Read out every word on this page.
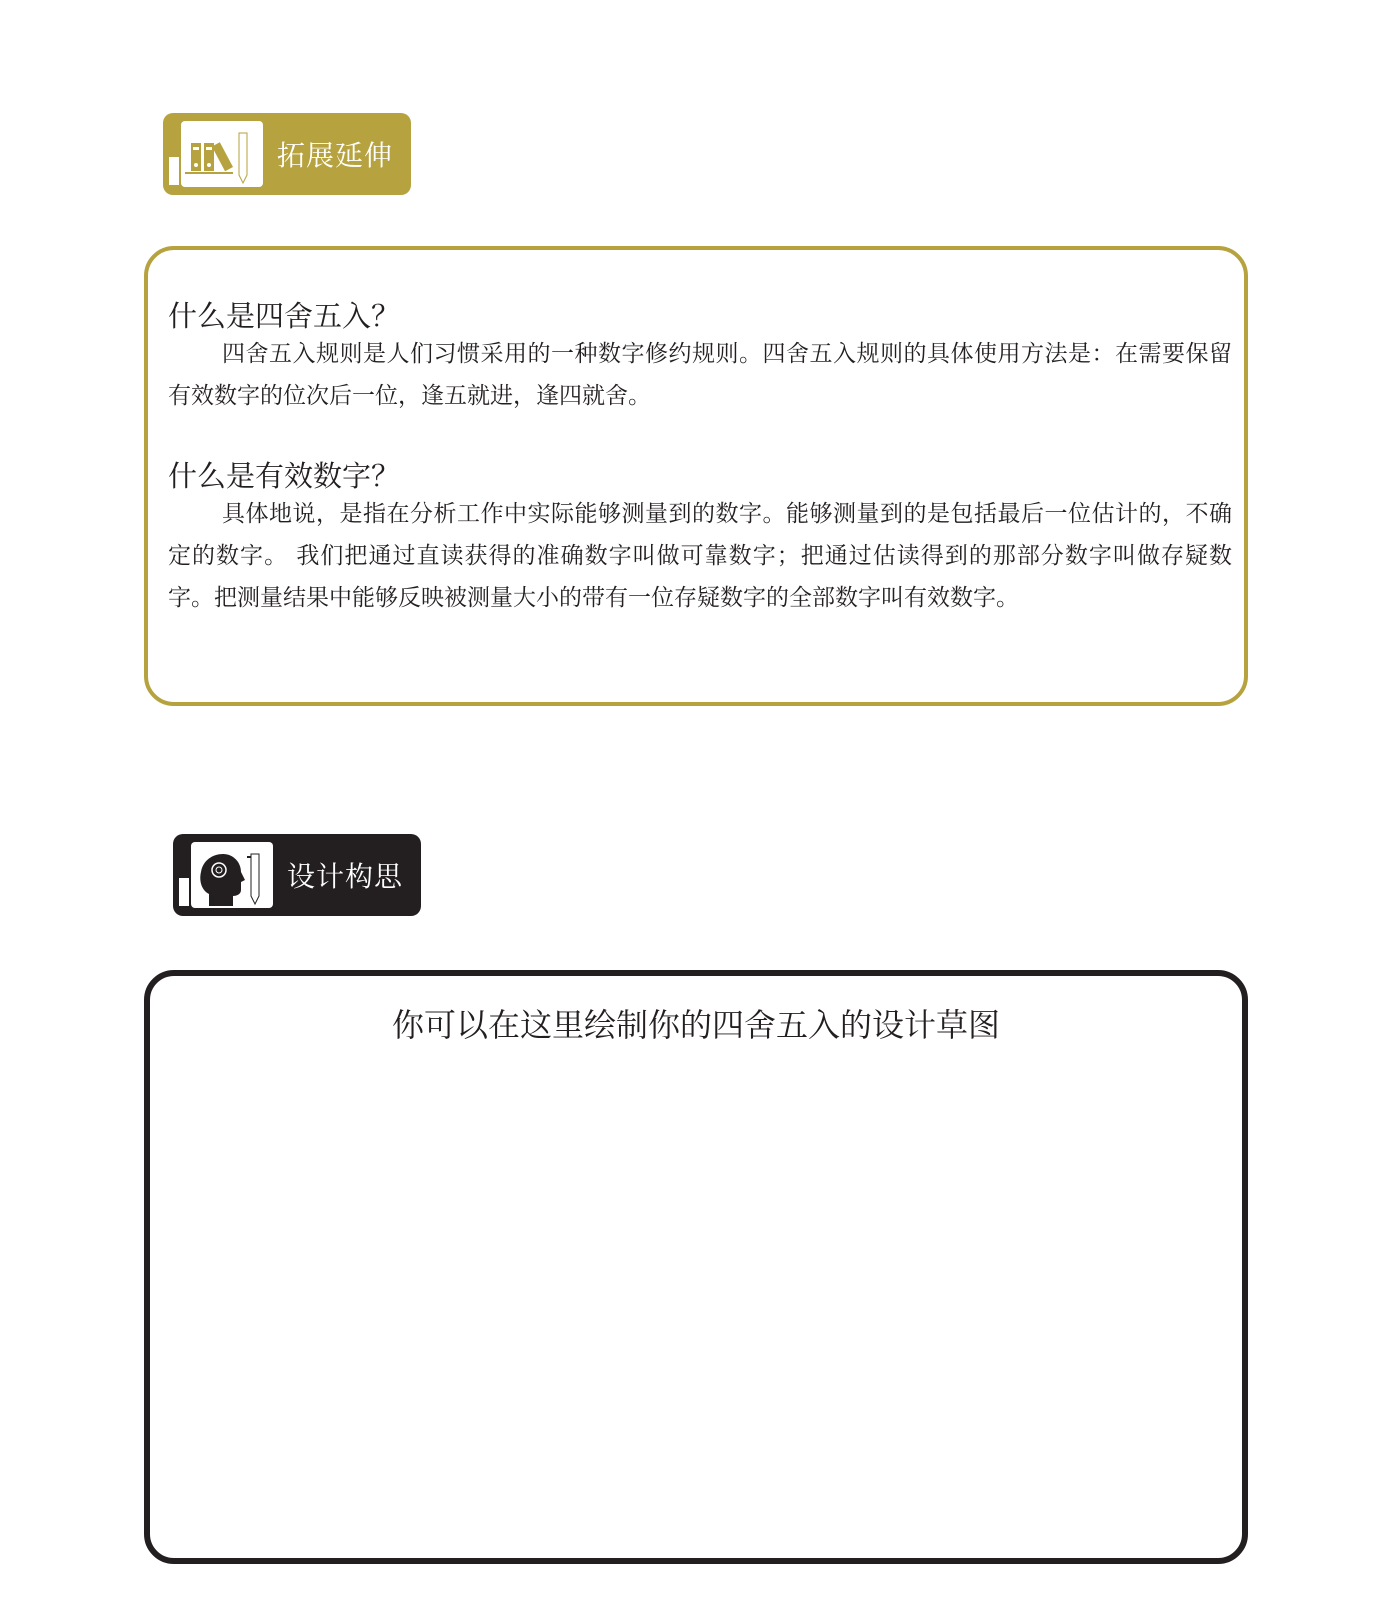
拓展延伸
什么是四舍五入？
四舍五入规则是人们习惯采用的一种数字修约规则。四舍五入规则的具体使用方法是：在需要保留有效数字的位次后一位，逢五就进，逢四就舍。
什么是有效数字？
具体地说，是指在分析工作中实际能够测量到的数字。能够测量到的是包括最后一位估计的，不确定的数字。 我们把通过直读获得的准确数字叫做可靠数字；把通过估读得到的那部分数字叫做存疑数字。把测量结果中能够反映被测量大小的带有一位存疑数字的全部数字叫有效数字。
设计构思
你可以在这里绘制你的四舍五入的设计草图
